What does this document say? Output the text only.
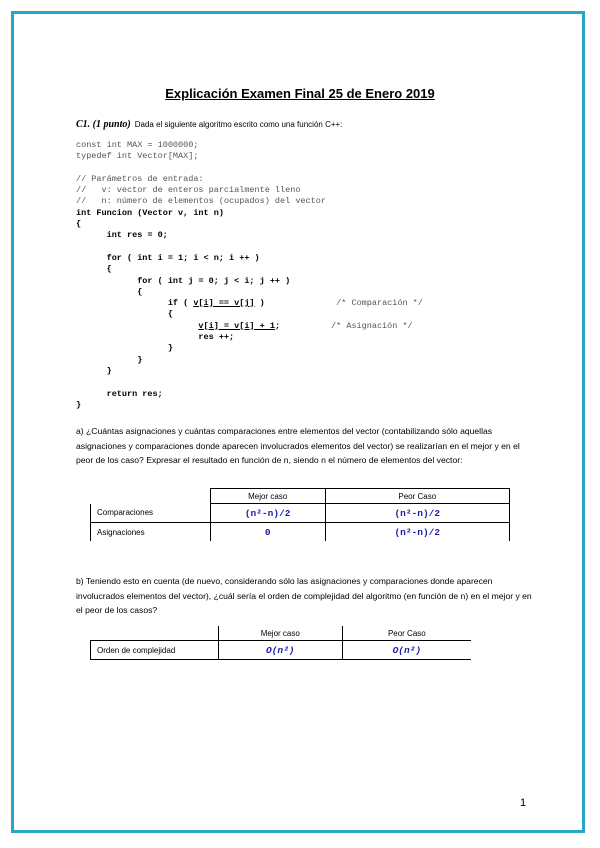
Explicación Examen Final 25 de Enero 2019
C1. (1 punto) Dada el siguiente algoritmo escrito como una función C++:
const int MAX = 1000000;
typedef int Vector[MAX];

// Parámetros de entrada:
//   v: vector de enteros parcialmente lleno
//   n: número de elementos (ocupados) del vector
int Funcion (Vector v, int n)
{
int res = 0;

for ( int i = 1; i < n; i ++ )
{
for ( int j = 0; j < i; j ++ )
{
if ( v[i] == v[j] )              /* Comparación */
{
v[i] = v[i] + 1;          /* Asignación */
res ++;
}
}
}

return res;
}
a) ¿Cuántas asignaciones y cuántas comparaciones entre elementos del vector (contabilizando sólo aquellas asignaciones y comparaciones donde aparecen involucrados elementos del vector) se realizarían en el mejor y en el peor de los caso? Expresar el resultado en función de n, siendo n el número de elementos del vector:
	Mejor caso	Peor Caso
Comparaciones	(n²-n)/2	(n²-n)/2
Asignaciones	0	(n²-n)/2
b) Teniendo esto en cuenta (de nuevo, considerando sólo las asignaciones y comparaciones donde aparecen involucrados elementos del vector), ¿cuál sería el orden de complejidad del algoritmo (en función de n) en el mejor y en el peor de los casos?
	Mejor caso	Peor Caso
Orden de complejidad	O(n²)	O(n²)
1
